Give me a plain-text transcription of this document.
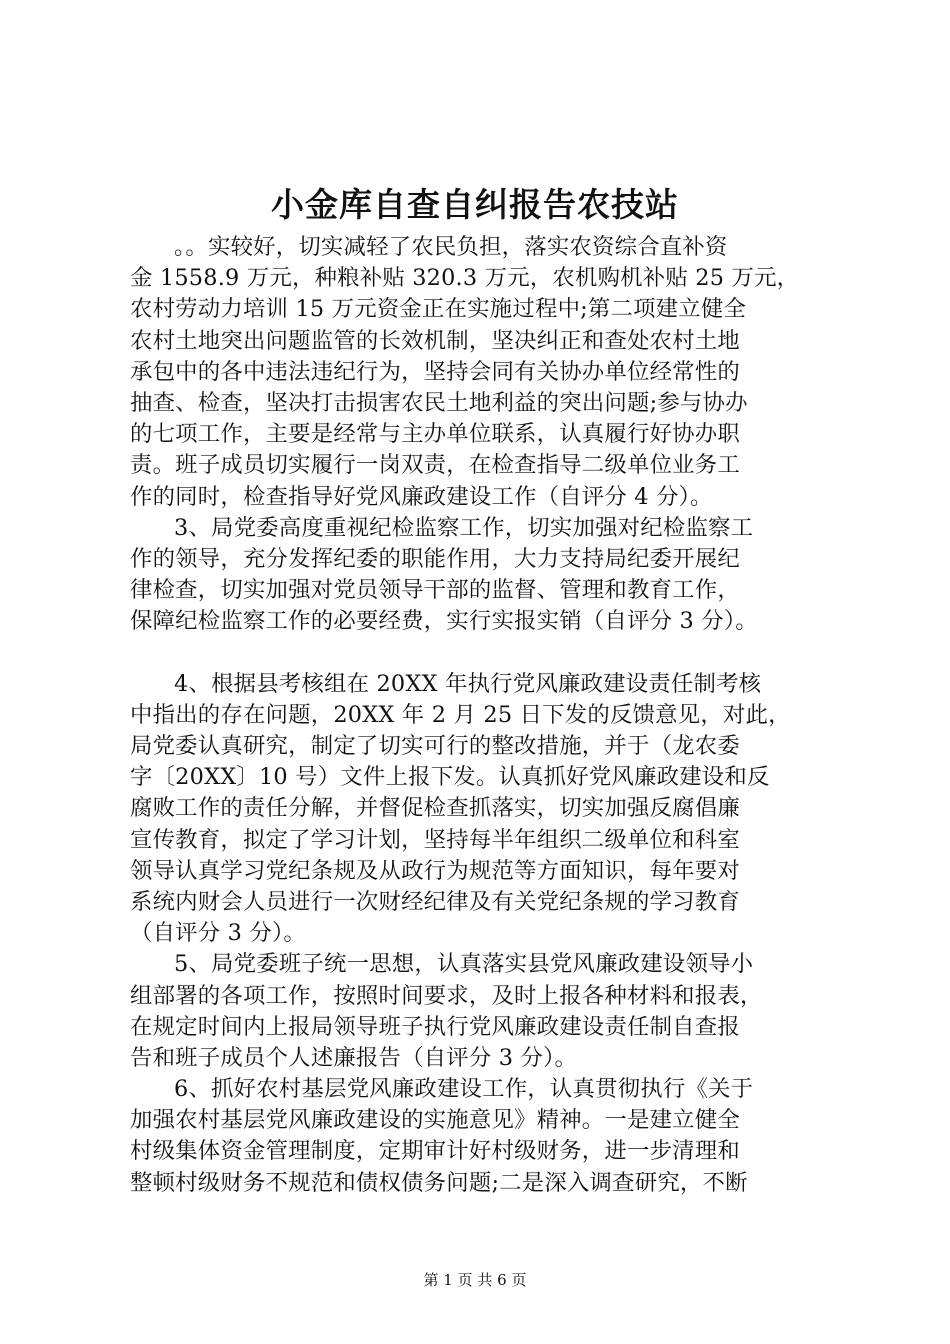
小金库自查自纠报告农技站
。。实较好，切实减轻了农民负担，落实农资综合直补资
金 1558.9 万元，种粮补贴 320.3 万元，农机购机补贴 25 万元，
农村劳动力培训 15 万元资金正在实施过程中;第二项建立健全
农村土地突出问题监管的长效机制，坚决纠正和查处农村土地
承包中的各中违法违纪行为，坚持会同有关协办单位经常性的
抽查、检查，坚决打击损害农民土地利益的突出问题;参与协办
的七项工作，主要是经常与主办单位联系，认真履行好协办职
责。班子成员切实履行一岗双责，在检查指导二级单位业务工
作的同时，检查指导好党风廉政建设工作（自评分 4 分）。
3、局党委高度重视纪检监察工作，切实加强对纪检监察工
作的领导，充分发挥纪委的职能作用，大力支持局纪委开展纪
律检查，切实加强对党员领导干部的监督、管理和教育工作，
保障纪检监察工作的必要经费，实行实报实销（自评分 3 分）。
4、根据县考核组在 20XX 年执行党风廉政建设责任制考核
中指出的存在问题，20XX 年 2 月 25 日下发的反馈意见，对此，
局党委认真研究，制定了切实可行的整改措施，并于（龙农委
字〔20XX〕10 号）文件上报下发。认真抓好党风廉政建设和反
腐败工作的责任分解，并督促检查抓落实，切实加强反腐倡廉
宣传教育，拟定了学习计划，坚持每半年组织二级单位和科室
领导认真学习党纪条规及从政行为规范等方面知识，每年要对
系统内财会人员进行一次财经纪律及有关党纪条规的学习教育
（自评分 3 分）。
5、局党委班子统一思想，认真落实县党风廉政建设领导小
组部署的各项工作，按照时间要求，及时上报各种材料和报表，
在规定时间内上报局领导班子执行党风廉政建设责任制自查报
告和班子成员个人述廉报告（自评分 3 分）。
6、抓好农村基层党风廉政建设工作，认真贯彻执行《关于
加强农村基层党风廉政建设的实施意见》精神。一是建立健全
村级集体资金管理制度，定期审计好村级财务，进一步清理和
整顿村级财务不规范和债权债务问题;二是深入调查研究，不断
第 1 页 共 6 页
